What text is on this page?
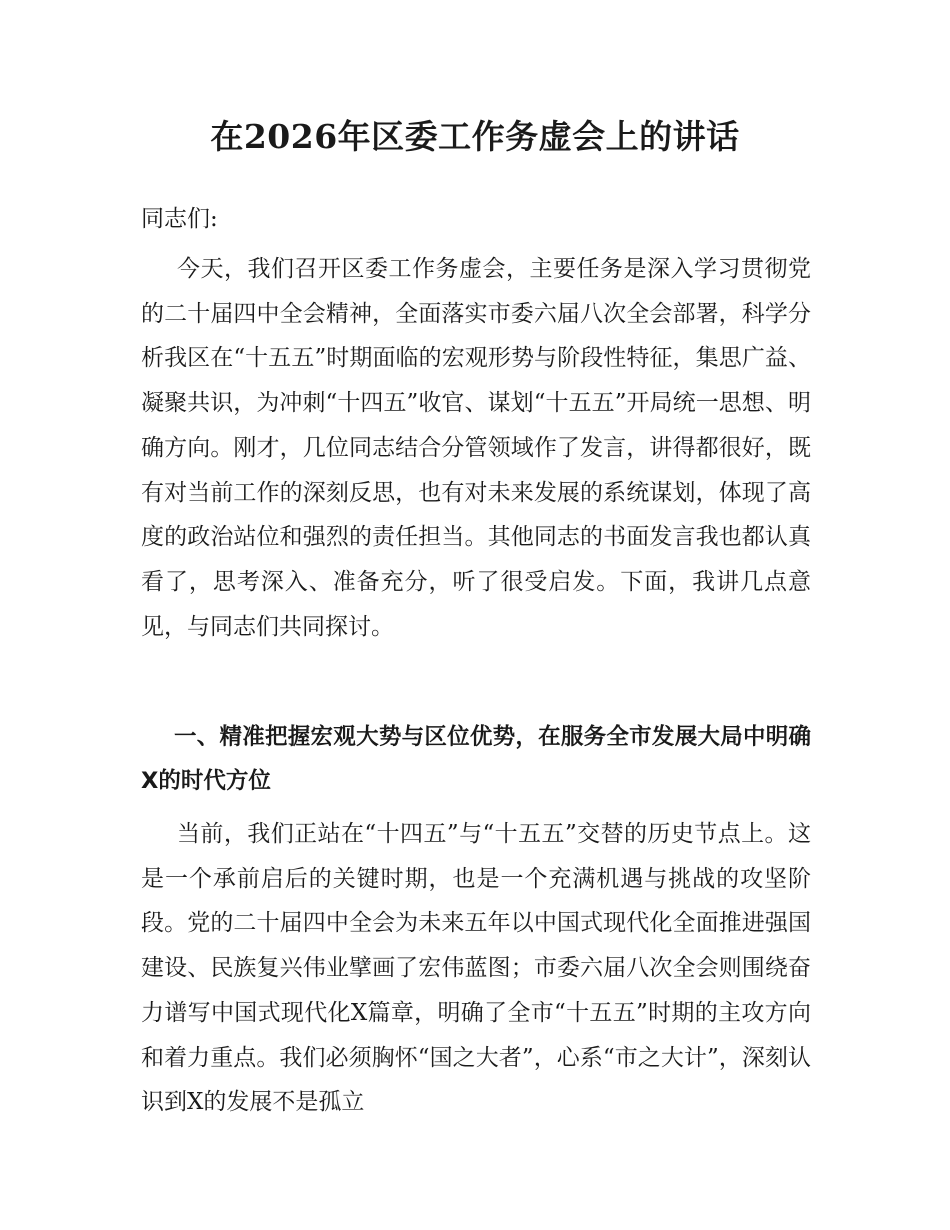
在2026年区委工作务虚会上的讲话
同志们:
今天，我们召开区委工作务虚会，主要任务是深入学习贯彻党的二十届四中全会精神，全面落实市委六届八次全会部署，科学分析我区在“十五五”时期面临的宏观形势与阶段性特征，集思广益、凝聚共识，为冲刺“十四五”收官、谋划“十五五”开局统一思想、明确方向。刚才，几位同志结合分管领域作了发言，讲得都很好，既有对当前工作的深刻反思，也有对未来发展的系统谋划，体现了高度的政治站位和强烈的责任担当。其他同志的书面发言我也都认真看了，思考深入、准备充分，听了很受启发。下面，我讲几点意见，与同志们共同探讨。
一、精准把握宏观大势与区位优势，在服务全市发展大局中明确X的时代方位
当前，我们正站在“十四五”与“十五五”交替的历史节点上。这是一个承前启后的关键时期，也是一个充满机遇与挑战的攻坚阶段。党的二十届四中全会为未来五年以中国式现代化全面推进强国建设、民族复兴伟业擘画了宏伟蓝图；市委六届八次全会则围绕奋力谱写中国式现代化X篇章，明确了全市“十五五”时期的主攻方向和着力重点。我们必须胸怀“国之大者”，心系“市之大计”，深刻认识到X的发展不是孤立
